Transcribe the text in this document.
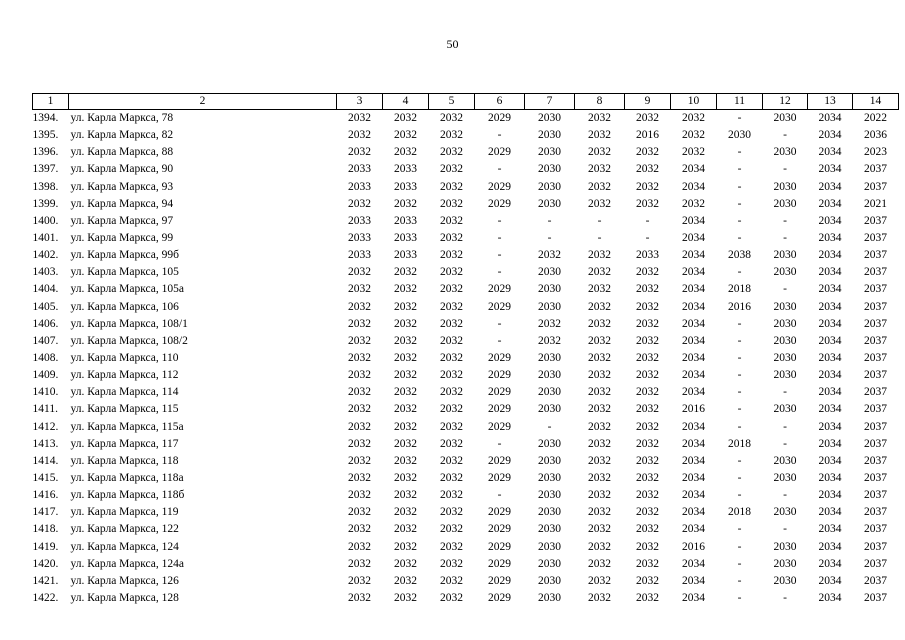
50
1	2	3	4	5	6	7	8	9	10	11	12	13	14
1394.	ул. Карла Маркса, 78	2032	2032	2032	2029	2030	2032	2032	2032	-	2030	2034	2022
1395.	ул. Карла Маркса, 82	2032	2032	2032	-	2030	2032	2016	2032	2030	-	2034	2036
1396.	ул. Карла Маркса, 88	2032	2032	2032	2029	2030	2032	2032	2032	-	2030	2034	2023
1397.	ул. Карла Маркса, 90	2033	2033	2032	-	2030	2032	2032	2034	-	-	2034	2037
1398.	ул. Карла Маркса, 93	2033	2033	2032	2029	2030	2032	2032	2034	-	2030	2034	2037
1399.	ул. Карла Маркса, 94	2032	2032	2032	2029	2030	2032	2032	2032	-	2030	2034	2021
1400.	ул. Карла Маркса, 97	2033	2033	2032	-	-	-	-	2034	-	-	2034	2037
1401.	ул. Карла Маркса, 99	2033	2033	2032	-	-	-	-	2034	-	-	2034	2037
1402.	ул. Карла Маркса, 99б	2033	2033	2032	-	2032	2032	2033	2034	2038	2030	2034	2037
1403.	ул. Карла Маркса, 105	2032	2032	2032	-	2030	2032	2032	2034	-	2030	2034	2037
1404.	ул. Карла Маркса, 105а	2032	2032	2032	2029	2030	2032	2032	2034	2018	-	2034	2037
1405.	ул. Карла Маркса, 106	2032	2032	2032	2029	2030	2032	2032	2034	2016	2030	2034	2037
1406.	ул. Карла Маркса, 108/1	2032	2032	2032	-	2032	2032	2032	2034	-	2030	2034	2037
1407.	ул. Карла Маркса, 108/2	2032	2032	2032	-	2032	2032	2032	2034	-	2030	2034	2037
1408.	ул. Карла Маркса, 110	2032	2032	2032	2029	2030	2032	2032	2034	-	2030	2034	2037
1409.	ул. Карла Маркса, 112	2032	2032	2032	2029	2030	2032	2032	2034	-	2030	2034	2037
1410.	ул. Карла Маркса, 114	2032	2032	2032	2029	2030	2032	2032	2034	-	-	2034	2037
1411.	ул. Карла Маркса, 115	2032	2032	2032	2029	2030	2032	2032	2016	-	2030	2034	2037
1412.	ул. Карла Маркса, 115а	2032	2032	2032	2029	-	2032	2032	2034	-	-	2034	2037
1413.	ул. Карла Маркса, 117	2032	2032	2032	-	2030	2032	2032	2034	2018	-	2034	2037
1414.	ул. Карла Маркса, 118	2032	2032	2032	2029	2030	2032	2032	2034	-	2030	2034	2037
1415.	ул. Карла Маркса, 118а	2032	2032	2032	2029	2030	2032	2032	2034	-	2030	2034	2037
1416.	ул. Карла Маркса, 118б	2032	2032	2032	-	2030	2032	2032	2034	-	-	2034	2037
1417.	ул. Карла Маркса, 119	2032	2032	2032	2029	2030	2032	2032	2034	2018	2030	2034	2037
1418.	ул. Карла Маркса, 122	2032	2032	2032	2029	2030	2032	2032	2034	-	-	2034	2037
1419.	ул. Карла Маркса, 124	2032	2032	2032	2029	2030	2032	2032	2016	-	2030	2034	2037
1420.	ул. Карла Маркса, 124а	2032	2032	2032	2029	2030	2032	2032	2034	-	2030	2034	2037
1421.	ул. Карла Маркса, 126	2032	2032	2032	2029	2030	2032	2032	2034	-	2030	2034	2037
1422.	ул. Карла Маркса, 128	2032	2032	2032	2029	2030	2032	2032	2034	-	-	2034	2037
